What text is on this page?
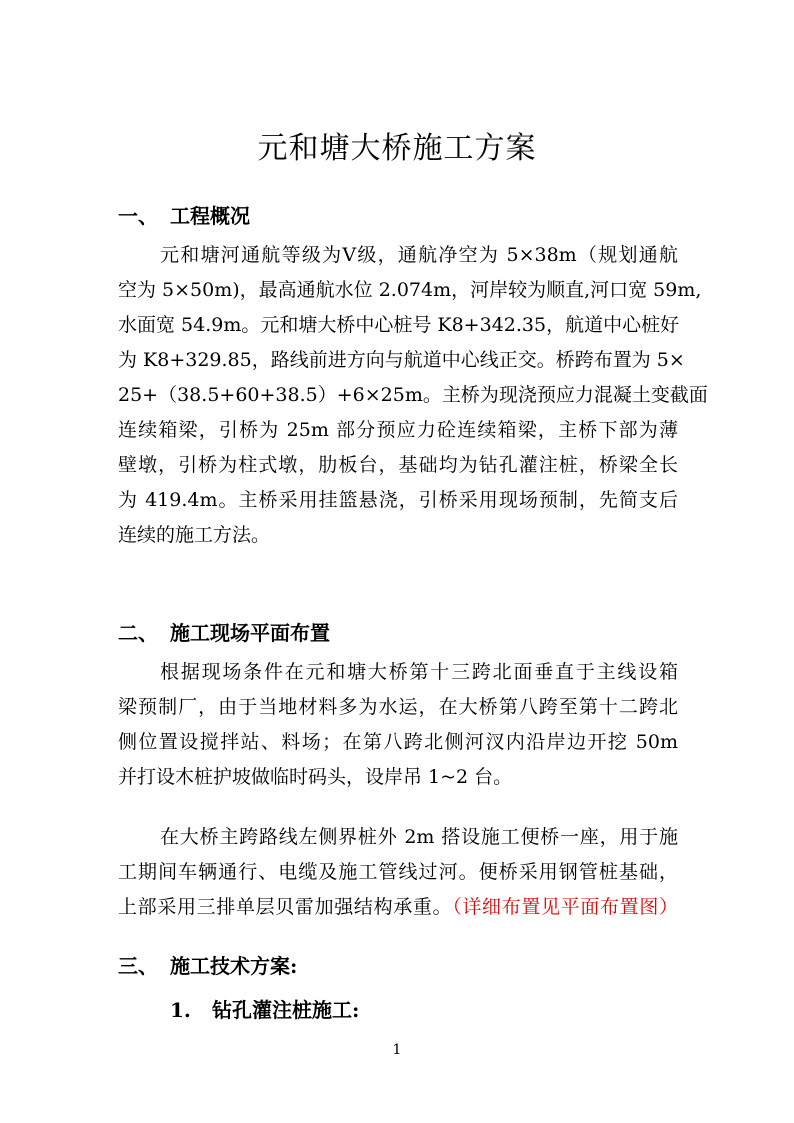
元和塘大桥施工方案
一、 工程概况
元和塘河通航等级为Ⅴ级，通航净空为 5×38m（规划通航
空为 5×50m)，最高通航水位 2.074m，河岸较为顺直,河口宽 59m,
水面宽 54.9m。元和塘大桥中心桩号 K8+342.35，航道中心桩好
为 K8+329.85，路线前进方向与航道中心线正交。桥跨布置为 5×
25+（38.5+60+38.5）+6×25m。主桥为现浇预应力混凝土变截面
连续箱梁，引桥为 25m 部分预应力砼连续箱梁，主桥下部为薄
壁墩，引桥为柱式墩，肋板台，基础均为钻孔灌注桩，桥梁全长
为 419.4m。主桥采用挂篮悬浇，引桥采用现场预制，先简支后
连续的施工方法。
二、 施工现场平面布置
根据现场条件在元和塘大桥第十三跨北面垂直于主线设箱
梁预制厂，由于当地材料多为水运，在大桥第八跨至第十二跨北
侧位置设搅拌站、料场；在第八跨北侧河汊内沿岸边开挖 50m
并打设木桩护坡做临时码头，设岸吊 1~2 台。
在大桥主跨路线左侧界桩外 2m 搭设施工便桥一座，用于施
工期间车辆通行、电缆及施工管线过河。便桥采用钢管桩基础，
上部采用三排单层贝雷加强结构承重。（详细布置见平面布置图）
三、 施工技术方案:
1. 钻孔灌注桩施工:
1
